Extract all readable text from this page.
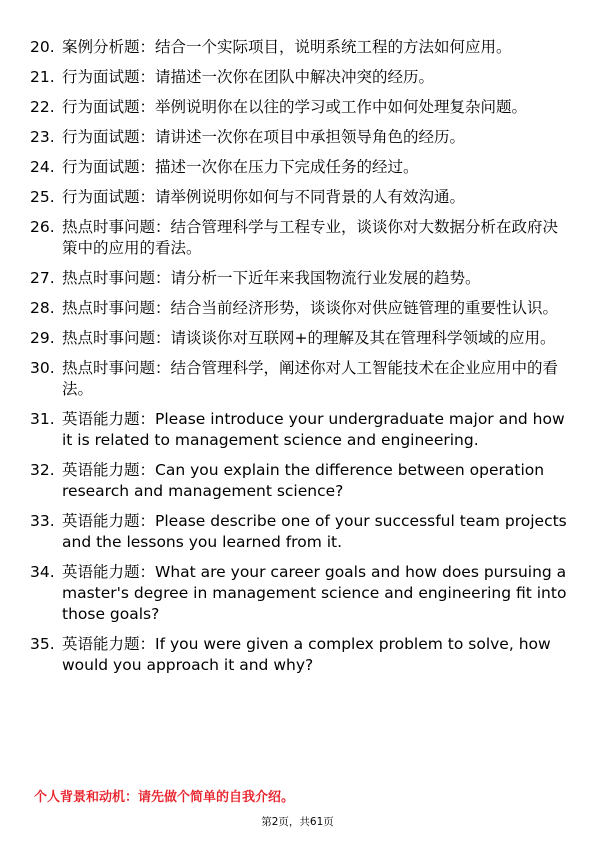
20. 案例分析题：结合一个实际项目，说明系统工程的方法如何应用。
21. 行为面试题：请描述一次你在团队中解决冲突的经历。
22. 行为面试题：举例说明你在以往的学习或工作中如何处理复杂问题。
23. 行为面试题：请讲述一次你在项目中承担领导角色的经历。
24. 行为面试题：描述一次你在压力下完成任务的经过。
25. 行为面试题：请举例说明你如何与不同背景的人有效沟通。
26. 热点时事问题：结合管理科学与工程专业，谈谈你对大数据分析在政府决策中的应用的看法。
27. 热点时事问题：请分析一下近年来我国物流行业发展的趋势。
28. 热点时事问题：结合当前经济形势，谈谈你对供应链管理的重要性认识。
29. 热点时事问题：请谈谈你对互联网+的理解及其在管理科学领域的应用。
30. 热点时事问题：结合管理科学，阐述你对人工智能技术在企业应用中的看法。
31. 英语能力题：Please introduce your undergraduate major and how it is related to management science and engineering.
32. 英语能力题：Can you explain the difference between operation research and management science?
33. 英语能力题：Please describe one of your successful team projects and the lessons you learned from it.
34. 英语能力题：What are your career goals and how does pursuing a master's degree in management science and engineering fit into those goals?
35. 英语能力题：If you were given a complex problem to solve, how would you approach it and why?
个人背景和动机：请先做个简单的自我介绍。
第2页，共61页
